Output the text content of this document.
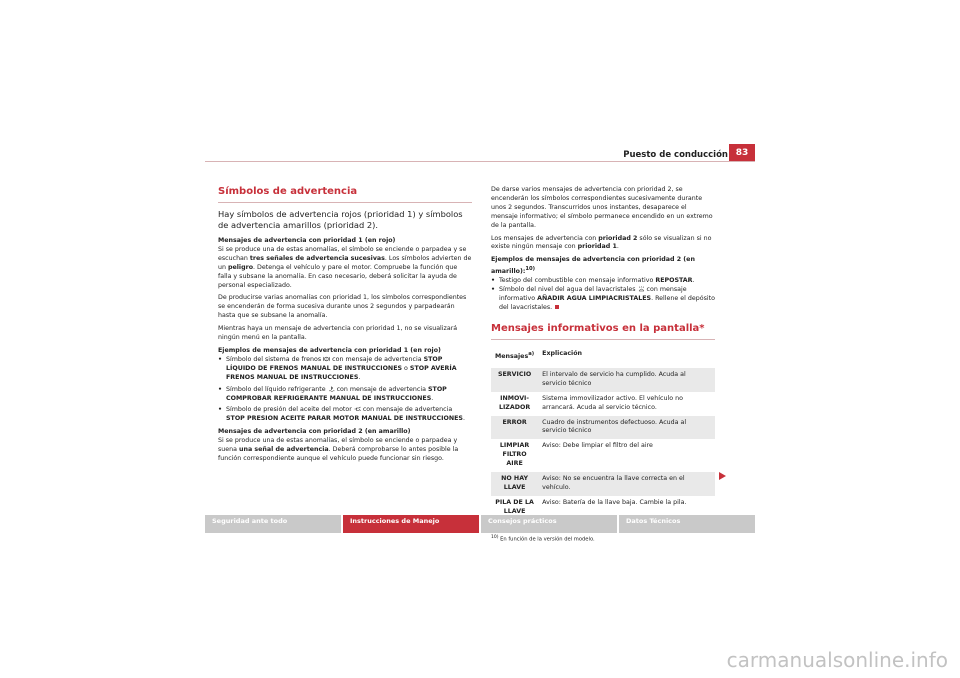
Puesto de conducción 83
Símbolos de advertencia
Hay símbolos de advertencia rojos (prioridad 1) y símbolos de advertencia amarillos (prioridad 2).

Mensajes de advertencia con prioridad 1 (en rojo)

Si se produce una de estas anomalías, el símbolo se enciende o parpadea y se escuchan tres señales de advertencia sucesivas. Los símbolos advierten de un peligro. Detenga el vehículo y pare el motor. Compruebe la función que falla y subsane la anomalía. En caso necesario, deberá solicitar la ayuda de personal especializado.

De producirse varias anomalías con prioridad 1, los símbolos correspondientes se encenderán de forma sucesiva durante unos 2 segundos y parpadearán hasta que se subsane la anomalía.

Mientras haya un mensaje de advertencia con prioridad 1, no se visualizará ningún menú en la pantalla.

Ejemplos de mensajes de advertencia con prioridad 1 (en rojo)

• Símbolo del sistema de frenos ! con mensaje de advertencia STOP LÍQUIDO DE FRENOS MANUAL DE INSTRUCCIONES o STOP AVERÍA FRENOS MANUAL DE INSTRUCCIONES.
• Símbolo del líquido refrigerante  con mensaje de advertencia STOP COMPROBAR REFRIGERANTE MANUAL DE INSTRUCCIONES.
• Símbolo de presión del aceite del motor  con mensaje de advertencia STOP PRESION ACEITE PARAR MOTOR MANUAL DE INSTRUCCIONES.

Mensajes de advertencia con prioridad 2 (en amarillo)

Si se produce una de estas anomalías, el símbolo se enciende o parpadea y suena una señal de advertencia. Deberá comprobarse lo antes posible la función correspondiente aunque el vehículo puede funcionar sin riesgo.

De darse varios mensajes de advertencia con prioridad 2, se encenderán los símbolos correspondientes sucesivamente durante unos 2 segundos. Transcurridos unos instantes, desaparece el mensaje informativo; el símbolo permanece encendido en un extremo de la pantalla.

Los mensajes de advertencia con prioridad 2 sólo se visualizan si no existe ningún mensaje con prioridad 1.

Ejemplos de mensajes de advertencia con prioridad 2 (en amarillo):$^{10)}$

• Testigo del combustible con mensaje informativo REPOSTAR.
• Símbolo del nivel del agua del lavacristales  con mensaje informativo AÑADIR AGUA LIMPIACRISTALES. Rellene el depósito del lavacristales.
Mensajes informativos en la pantalla*
Mensajes$^{a)}$	Explicación
SERVICIO	El intervalo de servicio ha cumplido. Acuda al servicio técnico
INMOVI-LIZADOR	Sistema immovilizador activo. El vehículo no arrancará. Acuda al servicio técnico.
ERROR	Cuadro de instrumentos defectuoso. Acuda al servicio técnico
LIMPIAR FILTRO AIRE	Aviso: Debe limpiar el filtro del aire
NO HAY LLAVE	Aviso: No se encuentra la llave correcta en el vehículo.
PILA DE LA LLAVE	Aviso: Batería de la llave baja. Cambie la pila.
$^{10)}$ En función de la versión del modelo.
Seguridad ante todo	Instrucciones de Manejo	Consejos prácticos	Datos Técnicos
carmanualsonline.info
